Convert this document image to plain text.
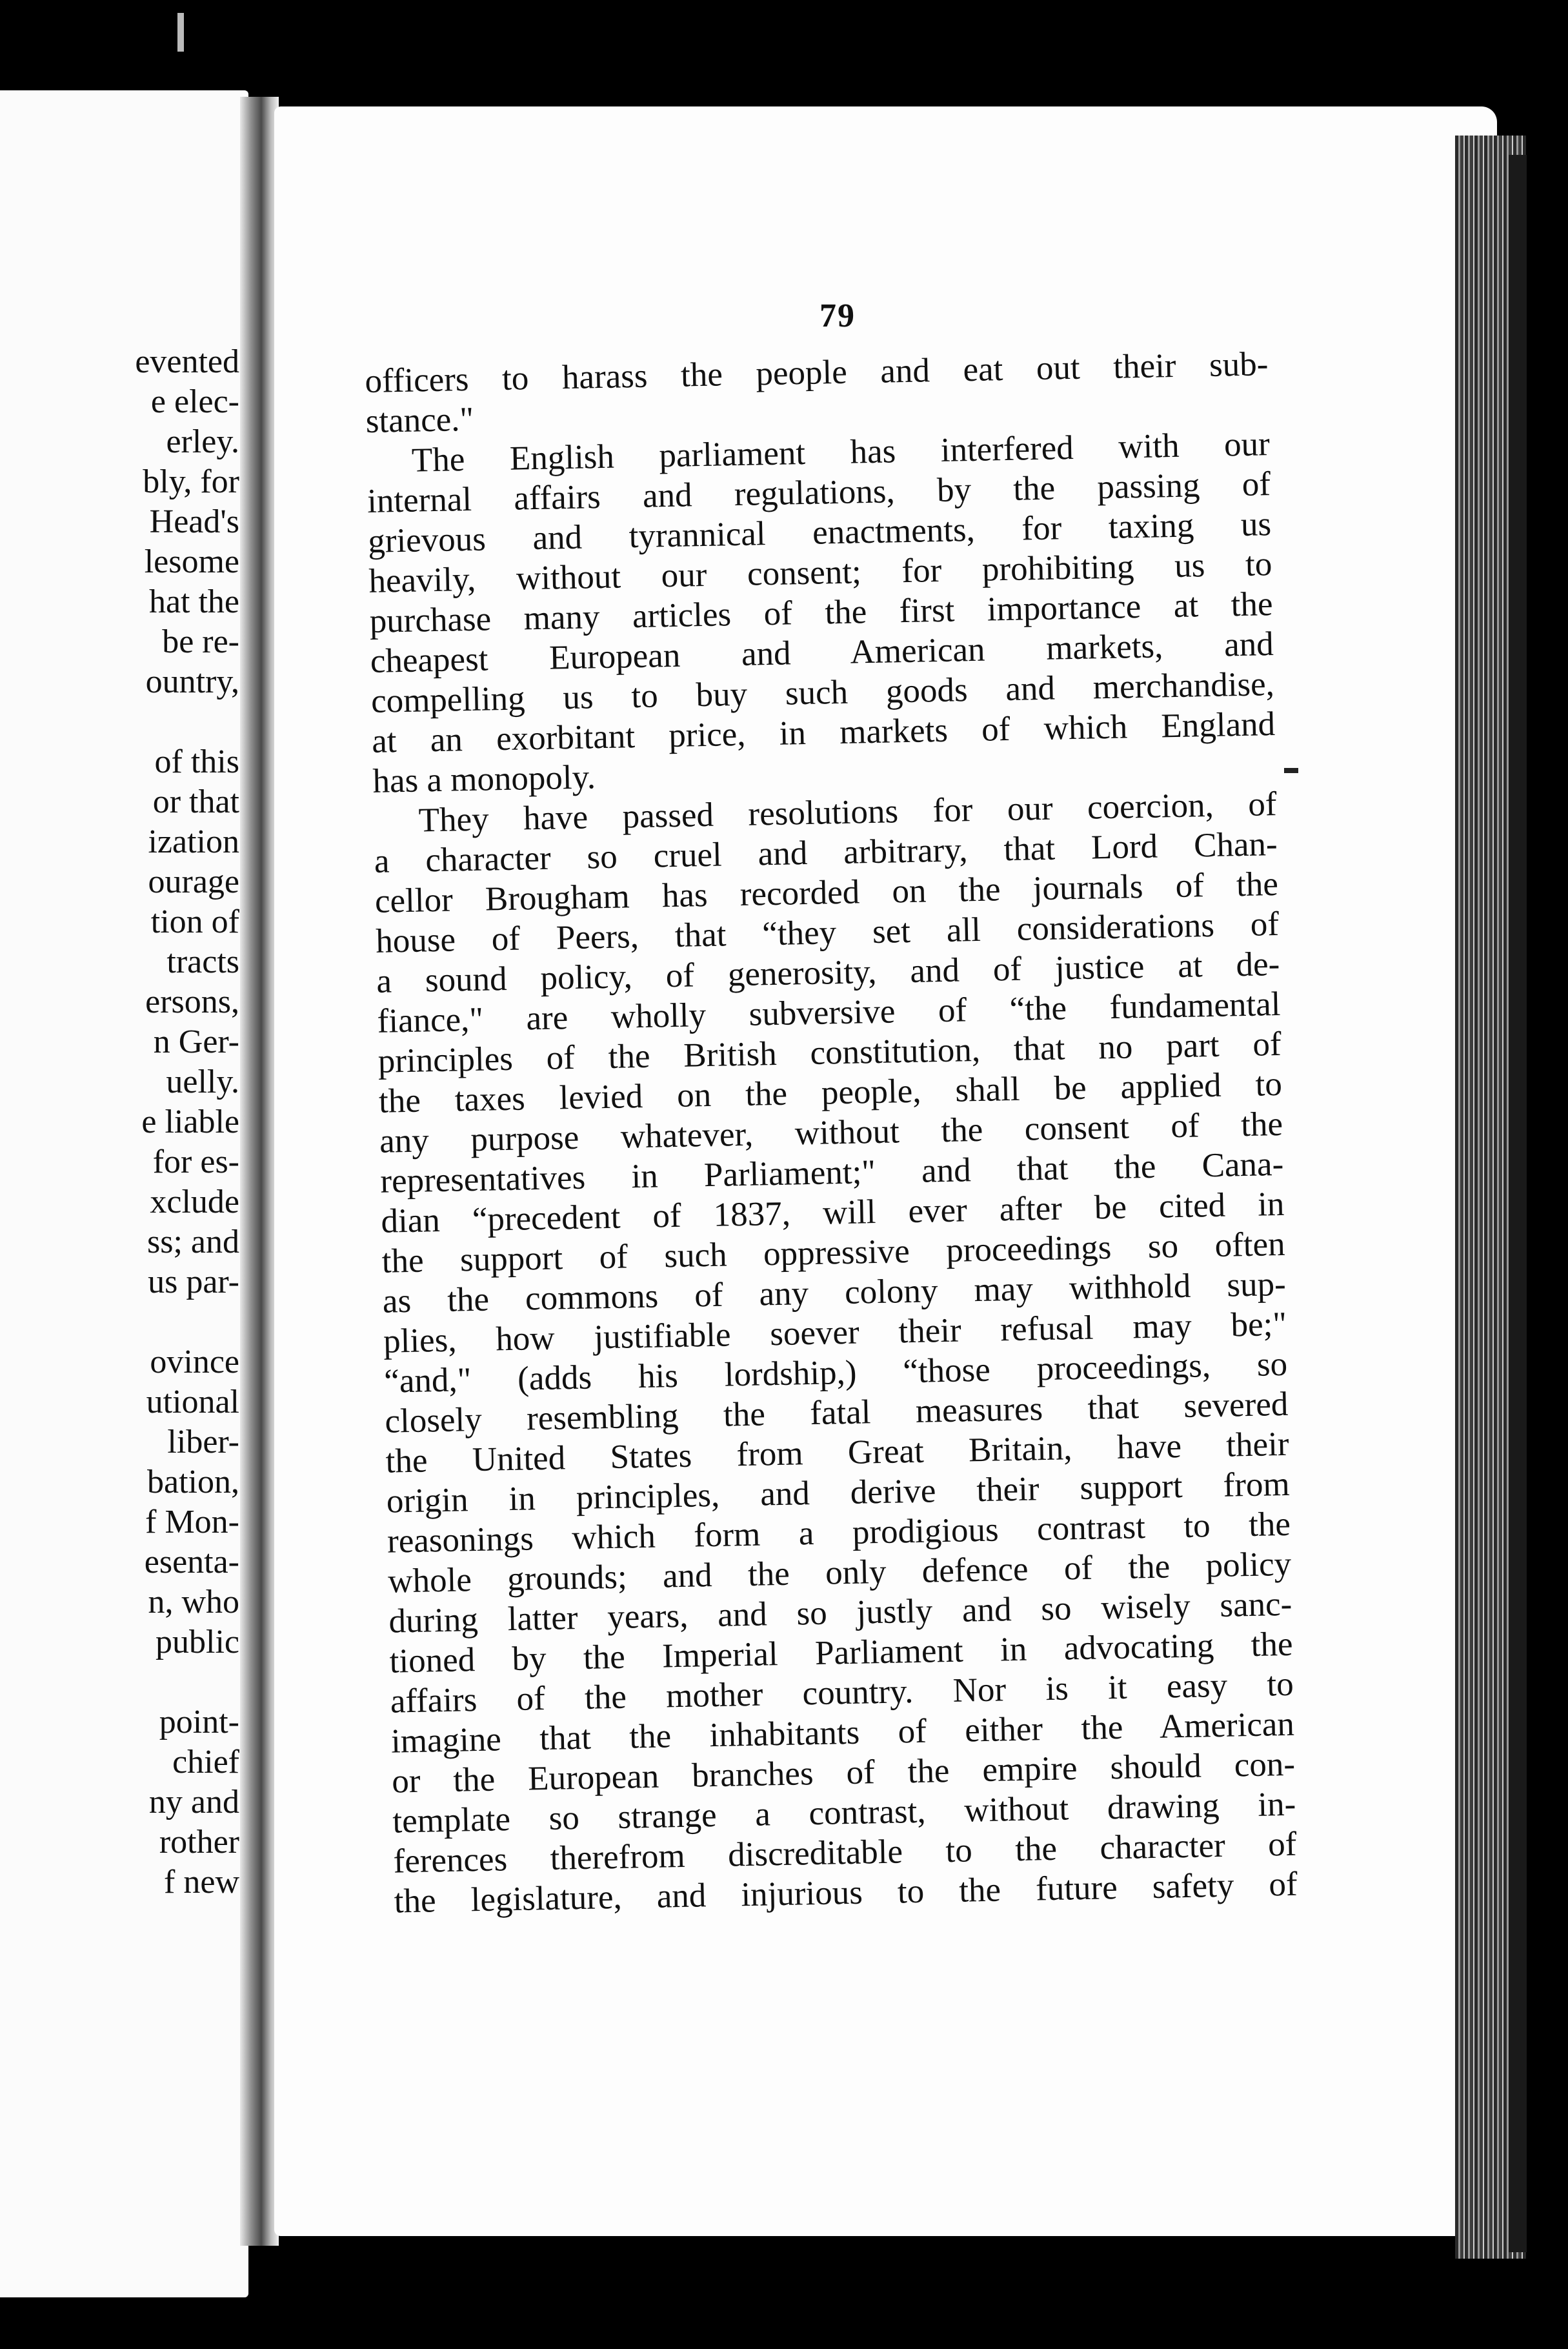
evented
e elec-
erley.
bly, for
Head's
lesome
hat the
be re-
ountry,
of this
or that
ization
ourage
tion of
tracts
ersons,
n Ger-
uelly.
e liable
for es-
xclude
ss; and
us par-
ovince
utional
liber-
bation,
f Mon-
esenta-
n, who
public
point-
chief
ny and
rother
f new
79
officers to harass the people and eat out their sub-
stance."
The English parliament has interfered with our
internal affairs and regulations, by the passing of
grievous and tyrannical enactments, for taxing us
heavily, without our consent; for prohibiting us to
purchase many articles of the first importance at the
cheapest European and American markets, and
compelling us to buy such goods and merchandise,
at an exorbitant price, in markets of which England
has a monopoly.
They have passed resolutions for our coercion, of
a character so cruel and arbitrary, that Lord Chan-
cellor Brougham has recorded on the journals of the
house of Peers, that “they set all considerations of
a sound policy, of generosity, and of justice at de-
fiance," are wholly subversive of “the fundamental
principles of the British constitution, that no part of
the taxes levied on the people, shall be applied to
any purpose whatever, without the consent of the
representatives in Parliament;" and that the Cana-
dian “precedent of 1837, will ever after be cited in
the support of such oppressive proceedings so often
as the commons of any colony may withhold sup-
plies, how justifiable soever their refusal may be;"
“and," (adds his lordship,) “those proceedings, so
closely resembling the fatal measures that severed
the United States from Great Britain, have their
origin in principles, and derive their support from
reasonings which form a prodigious contrast to the
whole grounds; and the only defence of the policy
during latter years, and so justly and so wisely sanc-
tioned by the Imperial Parliament in advocating the
affairs of the mother country. Nor is it easy to
imagine that the inhabitants of either the American
or the European branches of the empire should con-
template so strange a contrast, without drawing in-
ferences therefrom discreditable to the character of
the legislature, and injurious to the future safety of
